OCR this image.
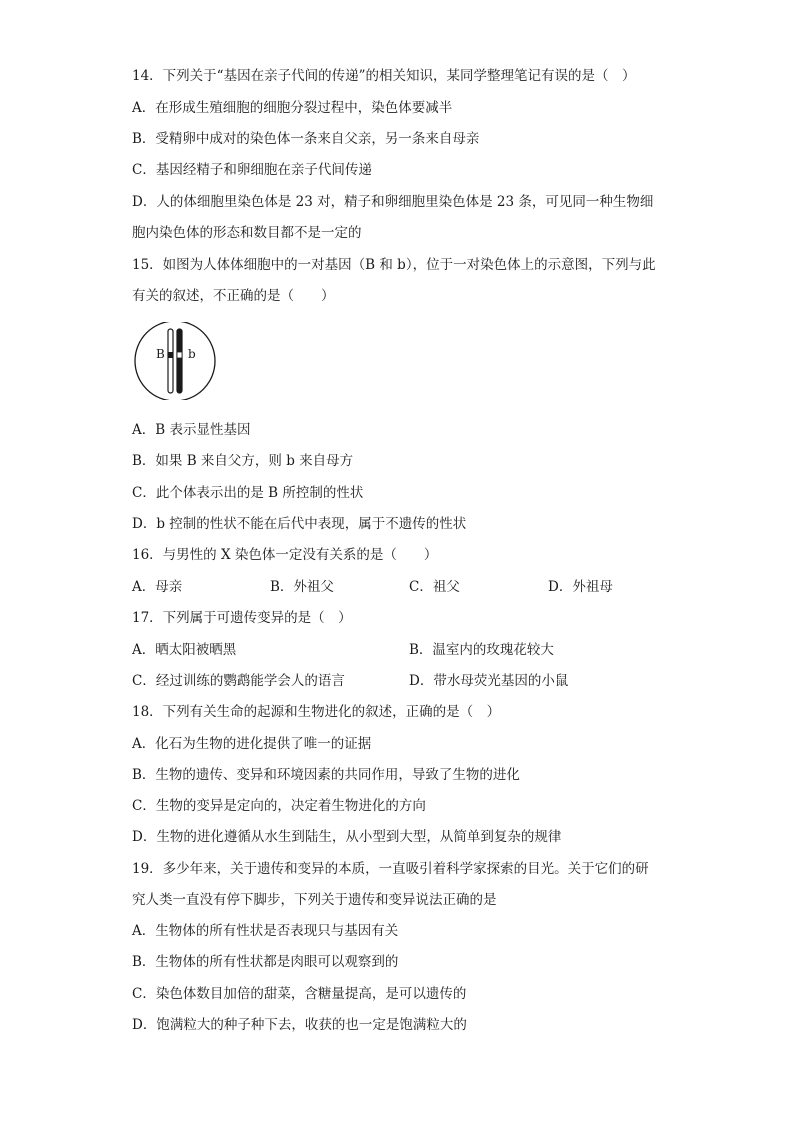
14．下列关于“基因在亲子代间的传递”的相关知识，某同学整理笔记有误的是（　）
A．在形成生殖细胞的细胞分裂过程中，染色体要减半
B．受精卵中成对的染色体一条来自父亲，另一条来自母亲
C．基因经精子和卵细胞在亲子代间传递
D．人的体细胞里染色体是 23 对，精子和卵细胞里染色体是 23 条，可见同一种生物细
胞内染色体的形态和数目都不是一定的
15．如图为人体体细胞中的一对基因（B 和 b），位于一对染色体上的示意图，下列与此
有关的叙述，不正确的是（　　）
B b
A．B 表示显性基因
B．如果 B 来自父方，则 b 来自母方
C．此个体表示出的是 B 所控制的性状
D．b 控制的性状不能在后代中表现，属于不遗传的性状
16．与男性的 X 染色体一定没有关系的是（　　）
A．母亲	B．外祖父	C．祖父	D．外祖母
17．下列属于可遗传变异的是（　）
A．晒太阳被晒黑	B．温室内的玫瑰花较大
C．经过训练的鹦鹉能学会人的语言	D．带水母荧光基因的小鼠
18．下列有关生命的起源和生物进化的叙述，正确的是（　）
A．化石为生物的进化提供了唯一的证据
B．生物的遗传、变异和环境因素的共同作用，导致了生物的进化
C．生物的变异是定向的，决定着生物进化的方向
D．生物的进化遵循从水生到陆生，从小型到大型，从简单到复杂的规律
19．多少年来，关于遗传和变异的本质，一直吸引着科学家探索的目光。关于它们的研
究人类一直没有停下脚步，下列关于遗传和变异说法正确的是
A．生物体的所有性状是否表现只与基因有关
B．生物体的所有性状都是肉眼可以观察到的
C．染色体数目加倍的甜菜，含糖量提高，是可以遗传的
D．饱满粒大的种子种下去，收获的也一定是饱满粒大的
